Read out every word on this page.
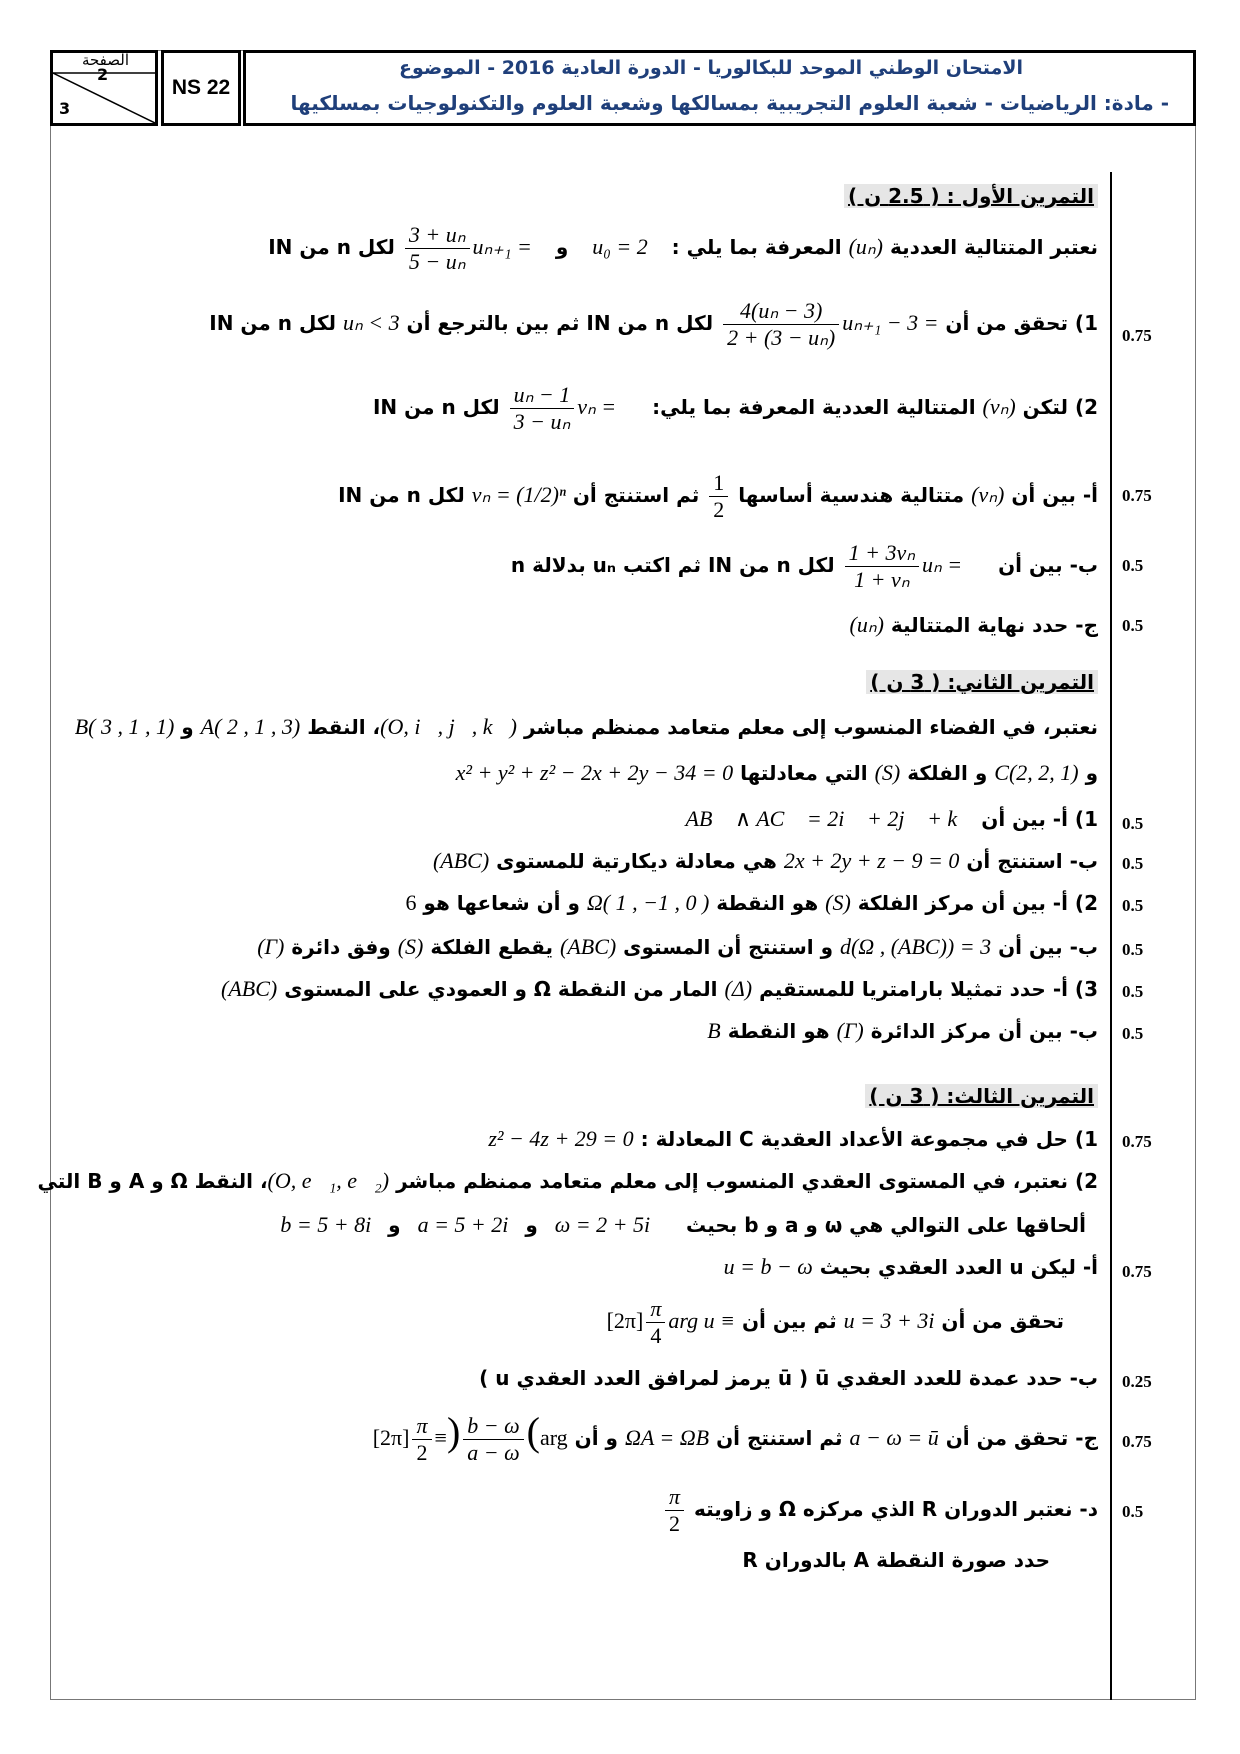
الصفحة
2
3
NS 22
الامتحان الوطني الموحد للبكالوريا - الدورة العادية 2016 - الموضوع
- مادة: الرياضيات - شعبة العلوم التجريبية بمسالكها وشعبة العلوم والتكنولوجيات بمسلكيها
التمرين الأول : ( 2.5 ن )
نعتبر المتتالية العددية (uₙ) المعرفة بما يلي :  u₀ = 2  و  uₙ₊₁ =
$\frac{\text{3 + uₙ}}{\text{5 − uₙ}}$
لكل n من IN
1) تحقق من أن uₙ₊₁ − 3 =
$\frac{\text{4(uₙ − 3)}}{\text{2 + (3 − uₙ)}}$
لكل n من IN ثم بين بالترجع أن uₙ < 3 لكل n من IN
0.75
2) لتكن (vₙ) المتتالية العددية المعرفة بما يلي:  vₙ =
$\frac{\text{uₙ − 1}}{\text{3 − uₙ}}$
لكل n من IN
أ- بين أن (vₙ) متتالية هندسية أساسها
$\frac{1}{2}$
ثم استنتج أن vₙ = (1/2)ⁿ لكل n من IN	0.75
ب- بين أن  uₙ =
$\frac{\text{1 + 3vₙ}}{\text{1 + vₙ}}$
لكل n من IN ثم اكتب uₙ بدلالة n	0.5
ج- حدد نهاية المتتالية (uₙ)	0.5
التمرين الثاني: ( 3 ن )
نعتبر، في الفضاء المنسوب إلى معلم متعامد ممنظم مباشر (O, i⃗, j⃗, k⃗)، النقط A( 2 , 1 , 3) و B( 3 , 1 , 1)
و C(2, 2, 1) و الفلكة (S) التي معادلتها x² + y² + z² − 2x + 2y − 34 = 0
1) أ- بين أن AB⃗ ∧ AC⃗ = 2i⃗ + 2j⃗ + k⃗	0.5
ب- استنتج أن 2x + 2y + z − 9 = 0 هي معادلة ديكارتية للمستوى (ABC)	0.5
2) أ- بين أن مركز الفلكة (S) هو النقطة Ω( 1 , −1 , 0 ) و أن شعاعها هو 6	0.5
ب- بين أن d(Ω , (ABC)) = 3 و استنتج أن المستوى (ABC) يقطع الفلكة (S) وفق دائرة (Γ)	0.5
3) أ- حدد تمثيلا بارامتريا للمستقيم (Δ) المار من النقطة Ω و العمودي على المستوى (ABC)	0.5
ب- بين أن مركز الدائرة (Γ) هو النقطة B	0.5
التمرين الثالث: ( 3 ن )
1) حل في مجموعة الأعداد العقدية C المعادلة : z² − 4z + 29 = 0	0.75
2) نعتبر، في المستوى العقدي المنسوب إلى معلم متعامد ممنظم مباشر (O, e⃗₁, e⃗₂)، النقط Ω و A و B التي
ألحاقها على التوالي هي ω و a و b بحيث  ω = 2 + 5i و a = 5 + 2i و b = 5 + 8i
أ- ليكن u العدد العقدي بحيث u = b − ω	0.75
تحقق من أن u = 3 + 3i ثم بين أن arg u ≡
$\frac{\pi}{4}$
[2π]
ب- حدد عمدة للعدد العقدي ū ( ū يرمز لمرافق العدد العقدي u ) 0.25
ج- تحقق من أن a − ω = ū ثم استنتج أن ΩA = ΩB و أن arg(
$\frac{b - \omega}{a - \omega}$
)≡
$\frac{\pi}{2}$
[2π]	0.75
د- نعتبر الدوران R الذي مركزه Ω و زاويته
$\frac{\pi}{2}$	0.5
حدد صورة النقطة A بالدوران R
